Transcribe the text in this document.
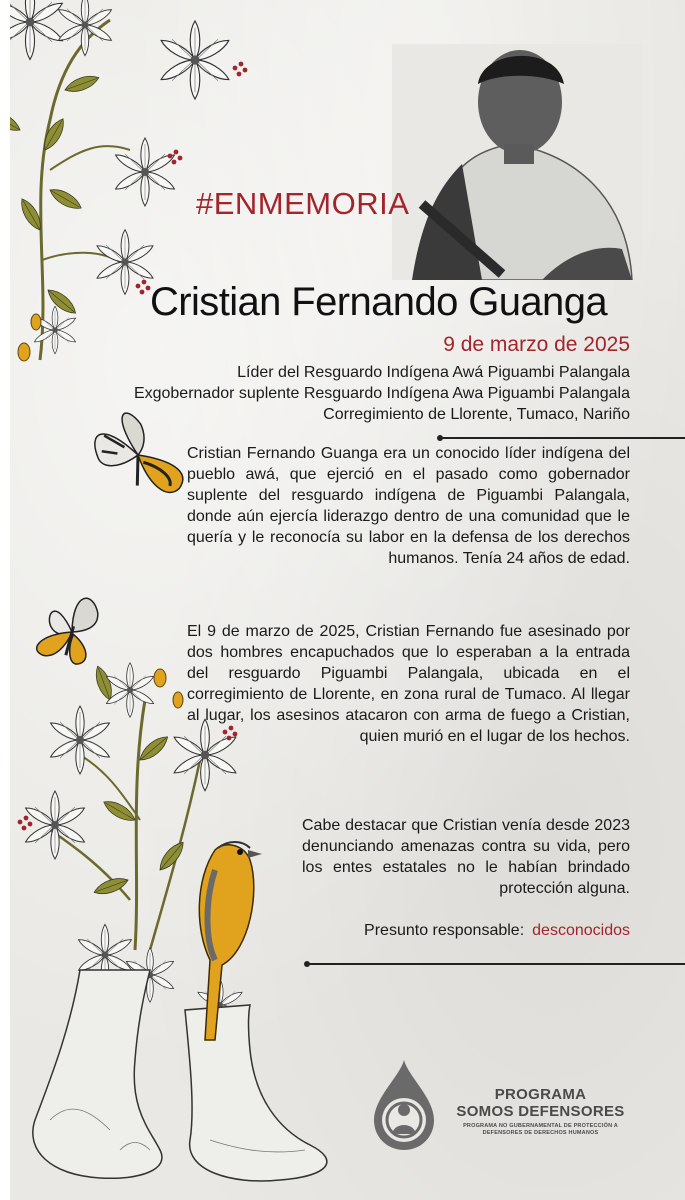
#ENMEMORIA
Cristian Fernando Guanga
9 de marzo de 2025
Líder del Resguardo Indígena Awá Piguambi Palangala
Exgobernador suplente Resguardo Indígena Awa Piguambi Palangala
Corregimiento de Llorente, Tumaco, Nariño

Cristian Fernando Guanga era un conocido líder indígena del pueblo awá, que ejerció en el pasado como gobernador suplente del resguardo indígena de Piguambi Palangala, donde aún ejercía liderazgo dentro de una comunidad que le quería y le reconocía su labor en la defensa de los derechos humanos. Tenía 24 años de edad.

El 9 de marzo de 2025, Cristian Fernando fue asesinado por dos hombres encapuchados que lo esperaban a la entrada del resguardo Piguambi Palangala, ubicada en el corregimiento de Llorente, en zona rural de Tumaco. Al llegar al lugar, los asesinos atacaron con arma de fuego a Cristian, quien murió en el lugar de los hechos.

Cabe destacar que Cristian venía desde 2023 denunciando amenazas contra su vida, pero los entes estatales no le habían brindado protección alguna.

Presunto responsable: desconocidos
PROGRAMA
SOMOS DEFENSORES
PROGRAMA NO GUBERNAMENTAL DE PROTECCIÓN A DEFENSORES DE DERECHOS HUMANOS
